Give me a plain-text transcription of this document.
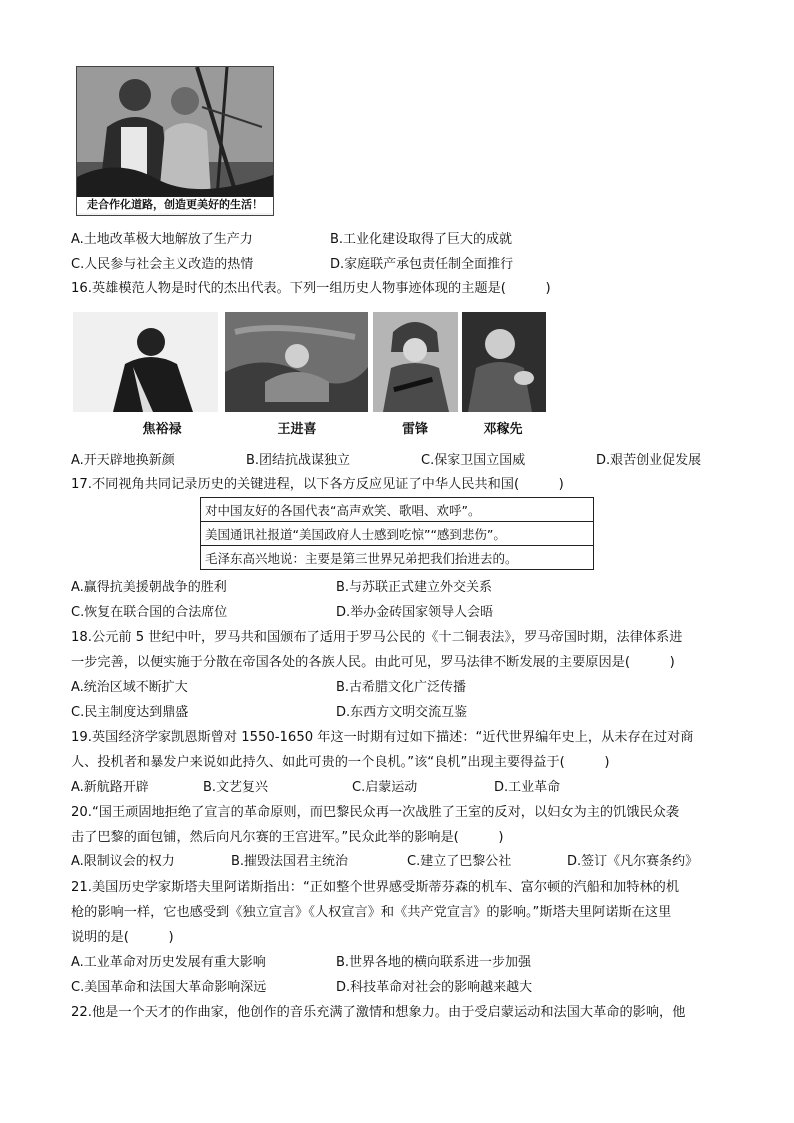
走合作化道路，创造更美好的生活！
A.土地改革极大地解放了生产力	B.工业化建设取得了巨大的成就
C.人民参与社会主义改造的热情	D.家庭联产承包责任制全面推行
16.英雄模范人物是时代的杰出代表。下列一组历史人物事迹体现的主题是(　　　)
焦裕禄	王进喜	雷锋	邓稼先
A.开天辟地换新颜	B.团结抗战谋独立	C.保家卫国立国威	D.艰苦创业促发展
17.不同视角共同记录历史的关键进程，以下各方反应见证了中华人民共和国(　　　)
对中国友好的各国代表“高声欢笑、歌唱、欢呼”。
美国通讯社报道“美国政府人士感到吃惊”“感到悲伤”。
毛泽东高兴地说：主要是第三世界兄弟把我们抬进去的。
A.赢得抗美援朝战争的胜利	B.与苏联正式建立外交关系
C.恢复在联合国的合法席位	D.举办金砖国家领导人会晤
18.公元前 5 世纪中叶，罗马共和国颁布了适用于罗马公民的《十二铜表法》，罗马帝国时期，法律体系进
一步完善，以便实施于分散在帝国各处的各族人民。由此可见，罗马法律不断发展的主要原因是(　　　)
A.统治区域不断扩大	B.古希腊文化广泛传播
C.民主制度达到鼎盛	D.东西方文明交流互鉴
19.英国经济学家凯恩斯曾对 1550-1650 年这一时期有过如下描述：“近代世界编年史上，从未存在过对商
人、投机者和暴发户来说如此持久、如此可贵的一个良机。”该“良机”出现主要得益于(　　　)
A.新航路开辟	B.文艺复兴	C.启蒙运动	D.工业革命
20.“国王顽固地拒绝了宣言的革命原则，而巴黎民众再一次战胜了王室的反对，以妇女为主的饥饿民众袭
击了巴黎的面包铺，然后向凡尔赛的王宫进军。”民众此举的影响是(　　　)
A.限制议会的权力	B.摧毁法国君主统治	C.建立了巴黎公社	D.签订《凡尔赛条约》
21.美国历史学家斯塔夫里阿诺斯指出：“正如整个世界感受斯蒂芬森的机车、富尔顿的汽船和加特林的机
枪的影响一样，它也感受到《独立宣言》《人权宣言》和《共产党宣言》的影响。”斯塔夫里阿诺斯在这里
说明的是(　　　)
A.工业革命对历史发展有重大影响	B.世界各地的横向联系进一步加强
C.美国革命和法国大革命影响深远	D.科技革命对社会的影响越来越大
22.他是一个天才的作曲家，他创作的音乐充满了激情和想象力。由于受启蒙运动和法国大革命的影响，他
